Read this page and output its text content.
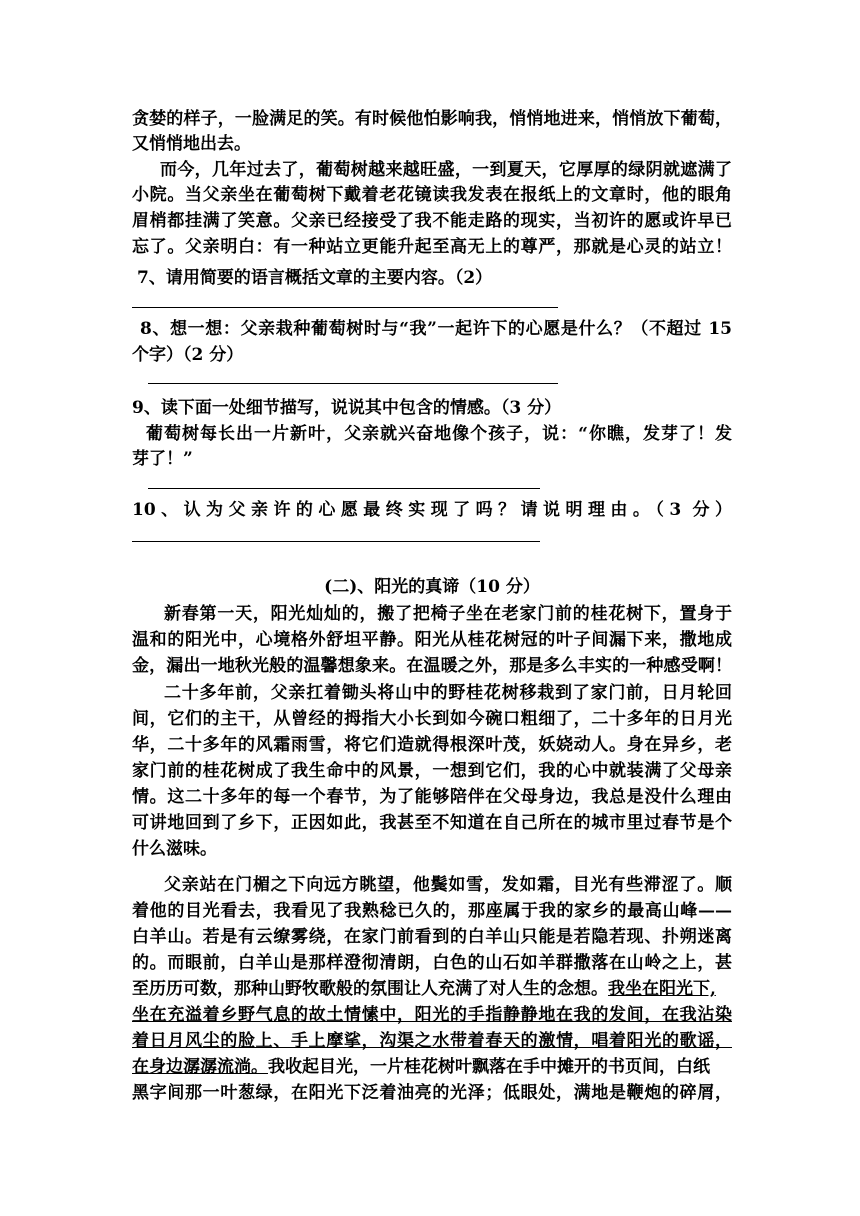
贪婪的样子，一脸满足的笑。有时候他怕影响我，悄悄地进来，悄悄放下葡萄，
又悄悄地出去。
而今，几年过去了，葡萄树越来越旺盛，一到夏天，它厚厚的绿阴就遮满了
小院。当父亲坐在葡萄树下戴着老花镜读我发表在报纸上的文章时，他的眼角
眉梢都挂满了笑意。父亲已经接受了我不能走路的现实，当初许的愿或许早已
忘了。父亲明白：有一种站立更能升起至高无上的尊严，那就是心灵的站立！
7、请用简要的语言概括文章的主要内容。（2）
8、想一想：父亲栽种葡萄树时与“我”一起许下的心愿是什么？（不超过 15
个字）（2 分）
9、读下面一处细节描写，说说其中包含的情感。（3 分）
葡萄树每长出一片新叶，父亲就兴奋地像个孩子，说：“你瞧，发芽了！发
芽了！”
10、认为父亲许的心愿最终实现了吗？请说明理由。（3 分）
(二)、阳光的真谛（10 分）
新春第一天，阳光灿灿的，搬了把椅子坐在老家门前的桂花树下，置身于
温和的阳光中，心境格外舒坦平静。阳光从桂花树冠的叶子间漏下来，撒地成
金，漏出一地秋光般的温馨想象来。在温暖之外，那是多么丰实的一种感受啊！
二十多年前，父亲扛着锄头将山中的野桂花树移栽到了家门前，日月轮回
间，它们的主干，从曾经的拇指大小长到如今碗口粗细了，二十多年的日月光
华，二十多年的风霜雨雪，将它们造就得根深叶茂，妖娆动人。身在异乡，老
家门前的桂花树成了我生命中的风景，一想到它们，我的心中就装满了父母亲
情。这二十多年的每一个春节，为了能够陪伴在父母身边，我总是没什么理由
可讲地回到了乡下，正因如此，我甚至不知道在自己所在的城市里过春节是个
什么滋味。
父亲站在门楣之下向远方眺望，他鬓如雪，发如霜，目光有些滞涩了。顺
着他的目光看去，我看见了我熟稔已久的，那座属于我的家乡的最高山峰——
白羊山。若是有云缭雾绕，在家门前看到的白羊山只能是若隐若现、扑朔迷离
的。而眼前，白羊山是那样澄彻清朗，白色的山石如羊群撒落在山岭之上，甚
至历历可数，那种山野牧歌般的氛围让人充满了对人生的念想。我坐在阳光下,
坐在充溢着乡野气息的故土情愫中，阳光的手指静静地在我的发间，在我沾染
着日月风尘的脸上、手上摩挲，沟渠之水带着春天的激情，唱着阳光的歌谣，
在身边潺潺流淌。我收起目光，一片桂花树叶飘落在手中摊开的书页间，白纸
黑字间那一叶葱绿，在阳光下泛着油亮的光泽；低眼处，满地是鞭炮的碎屑，
